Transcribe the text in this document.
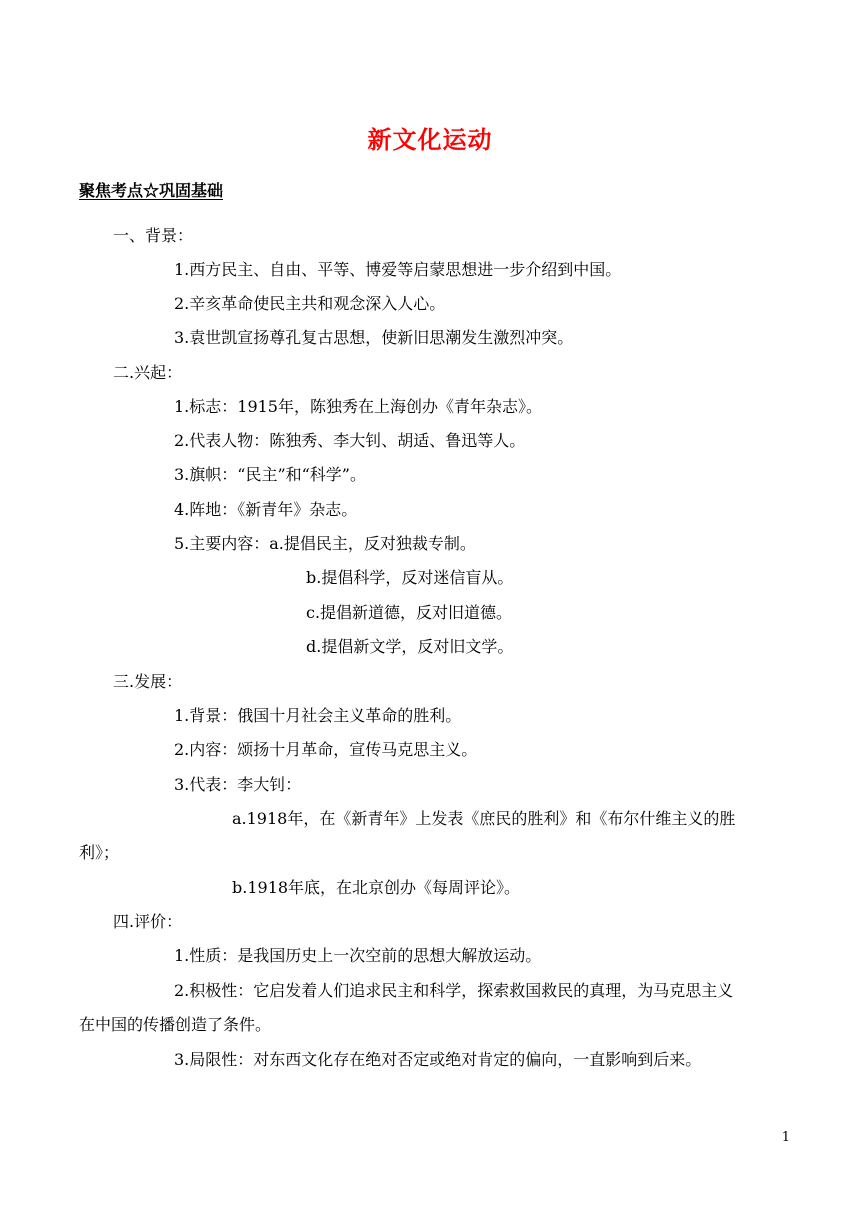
新文化运动
聚焦考点☆巩固基础
一、背景：
1.西方民主、自由、平等、博爱等启蒙思想进一步介绍到中国。
2.辛亥革命使民主共和观念深入人心。
3.袁世凯宣扬尊孔复古思想，使新旧思潮发生激烈冲突。
二.兴起：
1.标志：1915年，陈独秀在上海创办《青年杂志》。
2.代表人物：陈独秀、李大钊、胡适、鲁迅等人。
3.旗帜：“民主”和“科学”。
4.阵地：《新青年》杂志。
5.主要内容：a.提倡民主，反对独裁专制。
b.提倡科学，反对迷信盲从。
c.提倡新道德，反对旧道德。
d.提倡新文学，反对旧文学。
三.发展：
1.背景：俄国十月社会主义革命的胜利。
2.内容：颂扬十月革命，宣传马克思主义。
3.代表：李大钊：
a.1918年，在《新青年》上发表《庶民的胜利》和《布尔什维主义的胜
利》；
b.1918年底，在北京创办《每周评论》。
四.评价：
1.性质：是我国历史上一次空前的思想大解放运动。
2.积极性：它启发着人们追求民主和科学，探索救国救民的真理，为马克思主义
在中国的传播创造了条件。
3.局限性：对东西文化存在绝对否定或绝对肯定的偏向，一直影响到后来。
1
